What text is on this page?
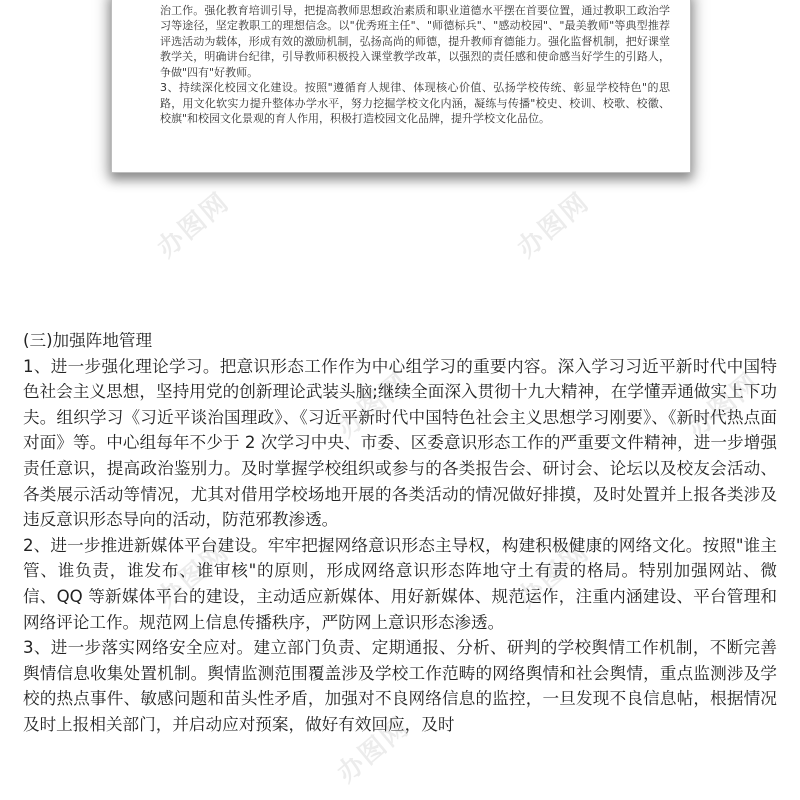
治工作。强化教育培训引导，把提高教师思想政治素质和职业道德水平摆在首要位置，通过教职工政治学习等途径，坚定教职工的理想信念。以"优秀班主任"、"师德标兵"、"感动校园"、"最美教师"等典型推荐评选活动为载体，形成有效的激励机制，弘扬高尚的师德，提升教师育德能力。强化监督机制，把好课堂教学关，明确讲台纪律，引导教师积极投入课堂教学改革，以强烈的责任感和使命感当好学生的引路人，争做"四有"好教师。

3、持续深化校园文化建设。按照"遵循育人规律、体现核心价值、弘扬学校传统、彰显学校特色"的思路，用文化软实力提升整体办学水平，努力挖掘学校文化内涵，凝练与传播"校史、校训、校歌、校徽、校旗"和校园文化景观的育人作用，积极打造校园文化品牌，提升学校文化品位。

办图网	办图网
办图网	办图网
办图网	办图网
办图网
(三)加强阵地管理

1、进一步强化理论学习。把意识形态工作作为中心组学习的重要内容。深入学习习近平新时代中国特色社会主义思想，坚持用党的创新理论武装头脑;继续全面深入贯彻十九大精神，在学懂弄通做实上下功夫。组织学习《习近平谈治国理政》、《习近平新时代中国特色社会主义思想学习刚要》、《新时代热点面对面》等。中心组每年不少于 2 次学习中央、市委、区委意识形态工作的严重要文件精神，进一步增强责任意识，提高政治鉴别力。及时掌握学校组织或参与的各类报告会、研讨会、论坛以及校友会活动、各类展示活动等情况，尤其对借用学校场地开展的各类活动的情况做好排摸，及时处置并上报各类涉及违反意识形态导向的活动，防范邪教渗透。

2、进一步推进新媒体平台建设。牢牢把握网络意识形态主导权，构建积极健康的网络文化。按照"谁主管、谁负责，谁发布、谁审核"的原则，形成网络意识形态阵地守土有责的格局。特别加强网站、微信、QQ 等新媒体平台的建设，主动适应新媒体、用好新媒体、规范运作，注重内涵建设、平台管理和网络评论工作。规范网上信息传播秩序，严防网上意识形态渗透。

3、进一步落实网络安全应对。建立部门负责、定期通报、分析、研判的学校舆情工作机制，不断完善舆情信息收集处置机制。舆情监测范围覆盖涉及学校工作范畴的网络舆情和社会舆情，重点监测涉及学校的热点事件、敏感问题和苗头性矛盾，加强对不良网络信息的监控，一旦发现不良信息帖，根据情况及时上报相关部门，并启动应对预案，做好有效回应，及时
